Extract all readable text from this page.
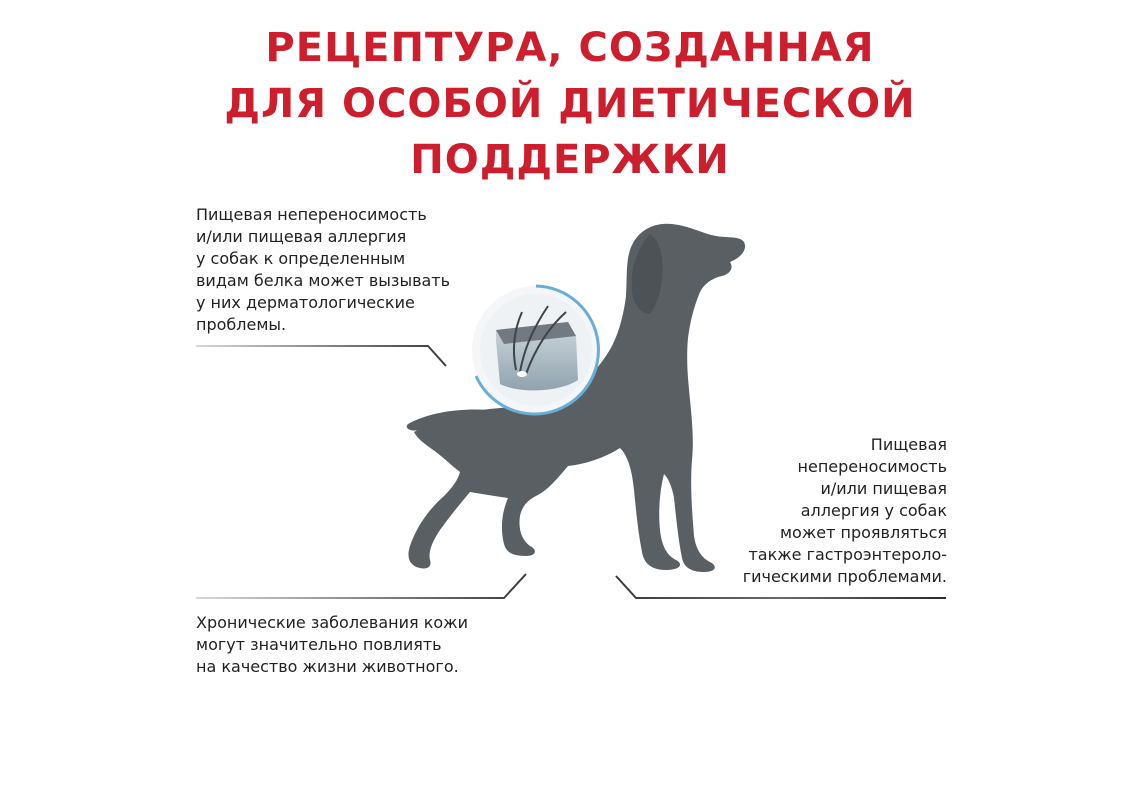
РЕЦЕПТУРА, СОЗДАННАЯ
ДЛЯ ОСОБОЙ ДИЕТИЧЕСКОЙ
ПОДДЕРЖКИ

Пищевая непереносимость
и/или пищевая аллергия
у собак к определенным
видам белка может вызывать
у них дерматологические
проблемы.

Пищевая
непереносимость
и/или пищевая
аллергия у собак
может проявляться
также гастроэнтероло-
гическими проблемами.

Хронические заболевания кожи
могут значительно повлиять
на качество жизни животного.
